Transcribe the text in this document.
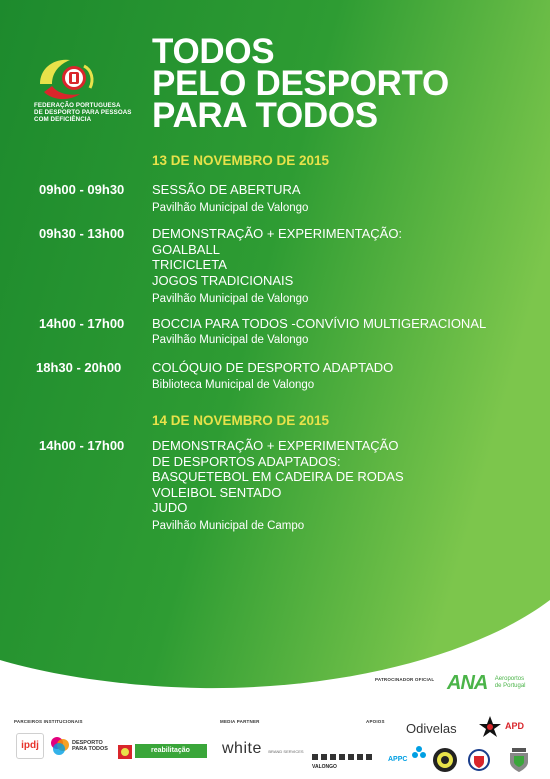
FEDERAÇÃO PORTUGUESA
DE DESPORTO PARA PESSOAS
COM DEFICIÊNCIA
TODOS
PELO DESPORTO
PARA TODOS
13 DE NOVEMBRO DE 2015
09h00 - 09h30 SESSÃO DE ABERTURA
Pavilhão Municipal de Valongo
09h30 - 13h00 DEMONSTRAÇÃO + EXPERIMENTAÇÃO:
GOALBALL
TRICICLETA
JOGOS TRADICIONAIS
Pavilhão Municipal de Valongo
14h00 - 17h00 BOCCIA PARA TODOS -CONVÍVIO MULTIGERACIONAL
Pavilhão Municipal de Valongo
18h30 - 20h00 COLÓQUIO DE DESPORTO ADAPTADO
Biblioteca Municipal de Valongo
14 DE NOVEMBRO DE 2015
14h00 - 17h00 DEMONSTRAÇÃO + EXPERIMENTAÇÃO
DE DESPORTOS ADAPTADOS:
BASQUETEBOL EM CADEIRA DE RODAS
VOLEIBOL SENTADO
JUDO
Pavilhão Municipal de Campo
PATROCINADOR OFICIAL ANA Aeroportos
de Portugal
PARCEIROS INSTITUCIONAIS
ipdj	DESPORTO
PARA TODOS	reabilitação
MEDIA PARTNER
white BRAND SERVICES
APOIOS Odivelas	APD
VALONGO
APPC
